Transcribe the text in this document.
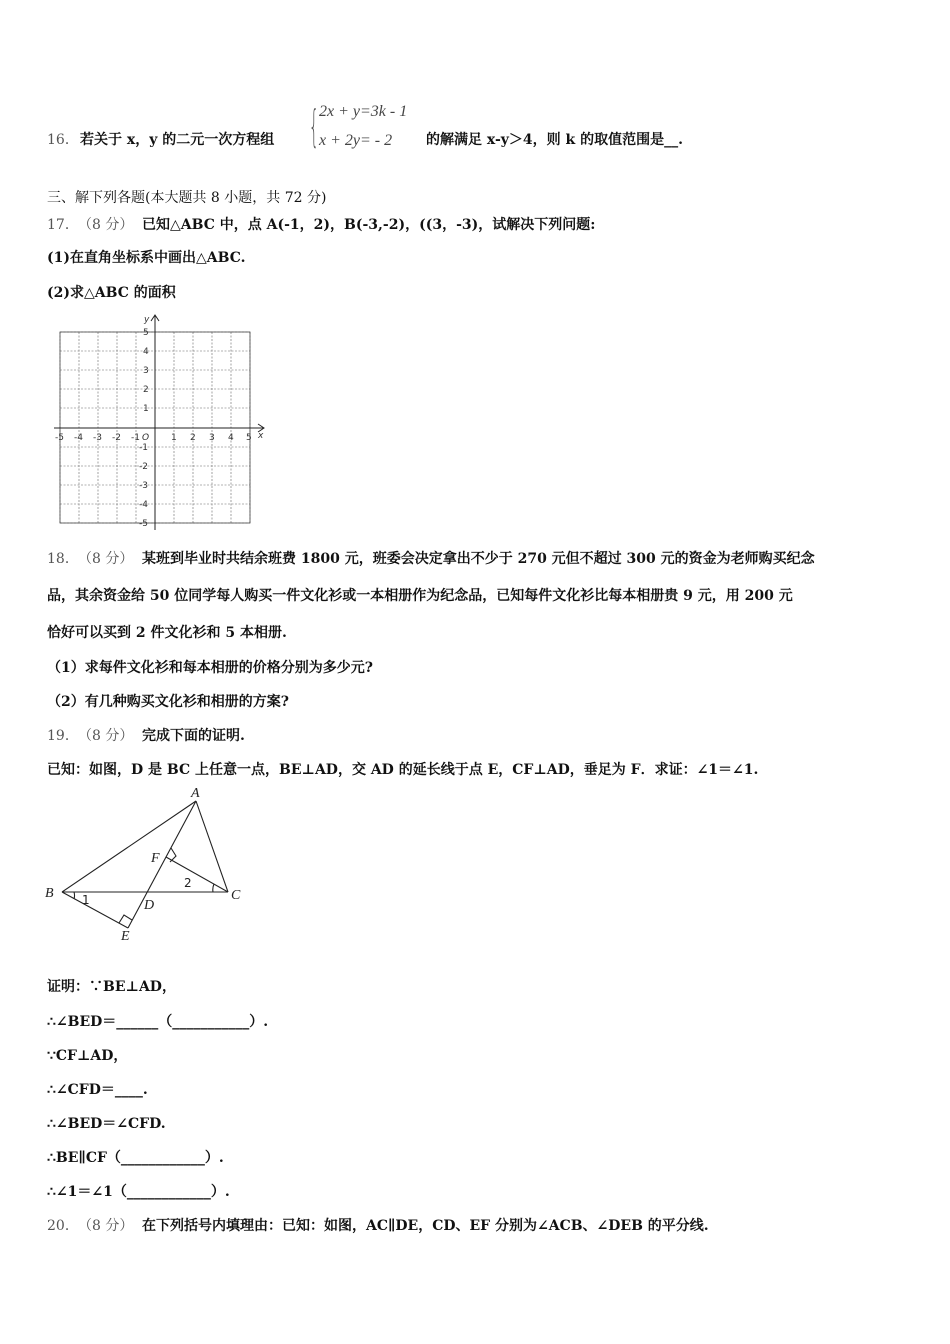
16． 若关于 x，y 的二元一次方程组 { 2x + y=3k - 1
x + 2y= - 2 的解满足 x-y＞4，则 k 的取值范围是__.
三、解下列各题(本大题共 8 小题，共 72 分)
17． （8 分） 已知△ABC 中，点 A(-1，2)，B(-3,-2)，((3，-3)，试解决下列问题:
(1)在直角坐标系中画出△ABC.
(2)求△ABC 的面积
x
y
O
-5 -4 -3 -2 -1	1 2 3 4 5
5
4
3
2
1
-1
-2
-3
-4
-5
18． （8 分） 某班到毕业时共结余班费 1800 元，班委会决定拿出不少于 270 元但不超过 300 元的资金为老师购买纪念
品，其余资金给 50 位同学每人购买一件文化衫或一本相册作为纪念品，已知每件文化衫比每本相册贵 9 元，用 200 元
恰好可以买到 2 件文化衫和 5 本相册.
（1）求每件文化衫和每本相册的价格分别为多少元?
（2）有几种购买文化衫和相册的方案?
19． （8 分） 完成下面的证明.
已知：如图，D 是 BC 上任意一点，BE⊥AD，交 AD 的延长线于点 E，CF⊥AD，垂足为 F．求证：∠1＝∠1.
A
B	C
D
E
F
1
2
证明：∵BE⊥AD，
∴∠BED＝______（___________）.
∵CF⊥AD，
∴∠CFD＝____.
∴∠BED＝∠CFD.
∴BE∥CF（____________）.
∴∠1＝∠1（____________）.
20． （8 分） 在下列括号内填理由：已知：如图，AC∥DE，CD、EF 分别为∠ACB、∠DEB 的平分线.
